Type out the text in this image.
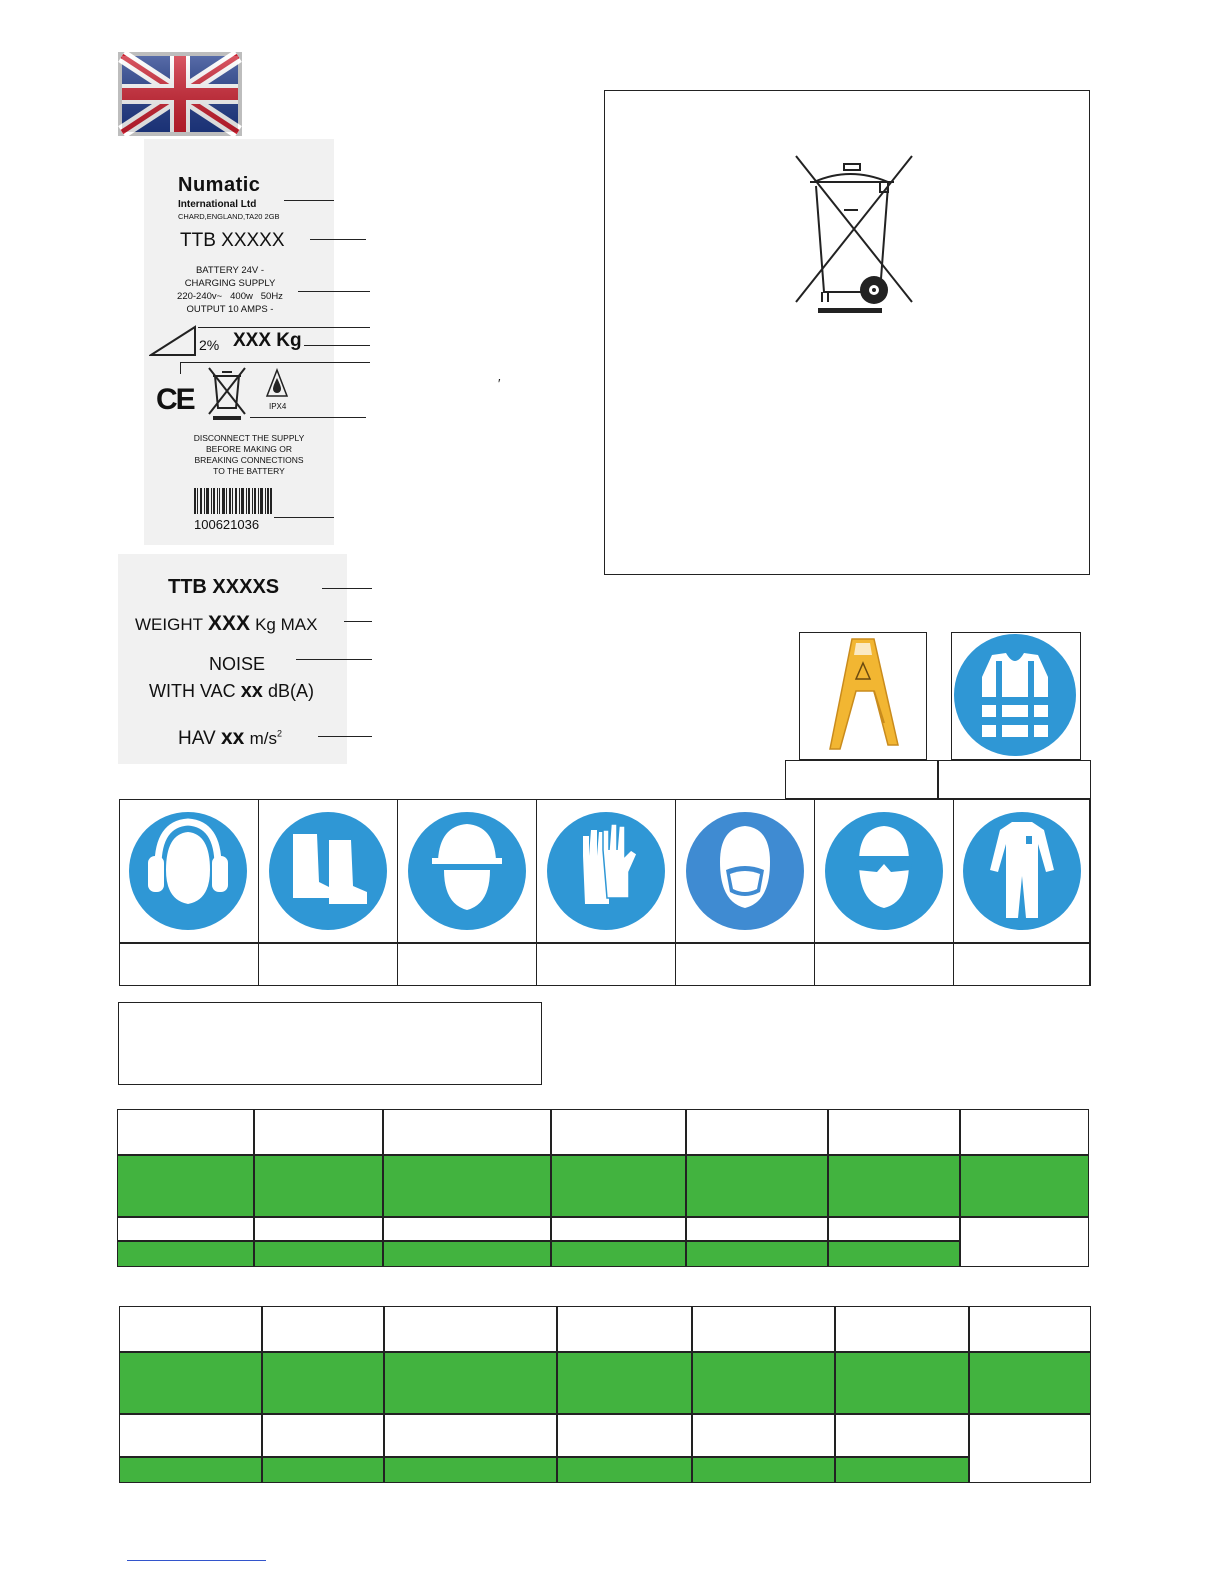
Numatic
International Ltd
CHARD,ENGLAND,TA20 2GB
TTB XXXXX
BATTERY 24V -
CHARGING SUPPLY
220-240v~   400w   50Hz
OUTPUT 10 AMPS -
2% XXX Kg
CE	IPX4
DISCONNECT THE SUPPLY
BEFORE MAKING OR
BREAKING CONNECTIONS
TO THE BATTERY
100621036
′
TTB XXXXS
WEIGHT XXX Kg MAX
NOISE
WITH VAC xx dB(A)
HAV xx $m/s^2$
